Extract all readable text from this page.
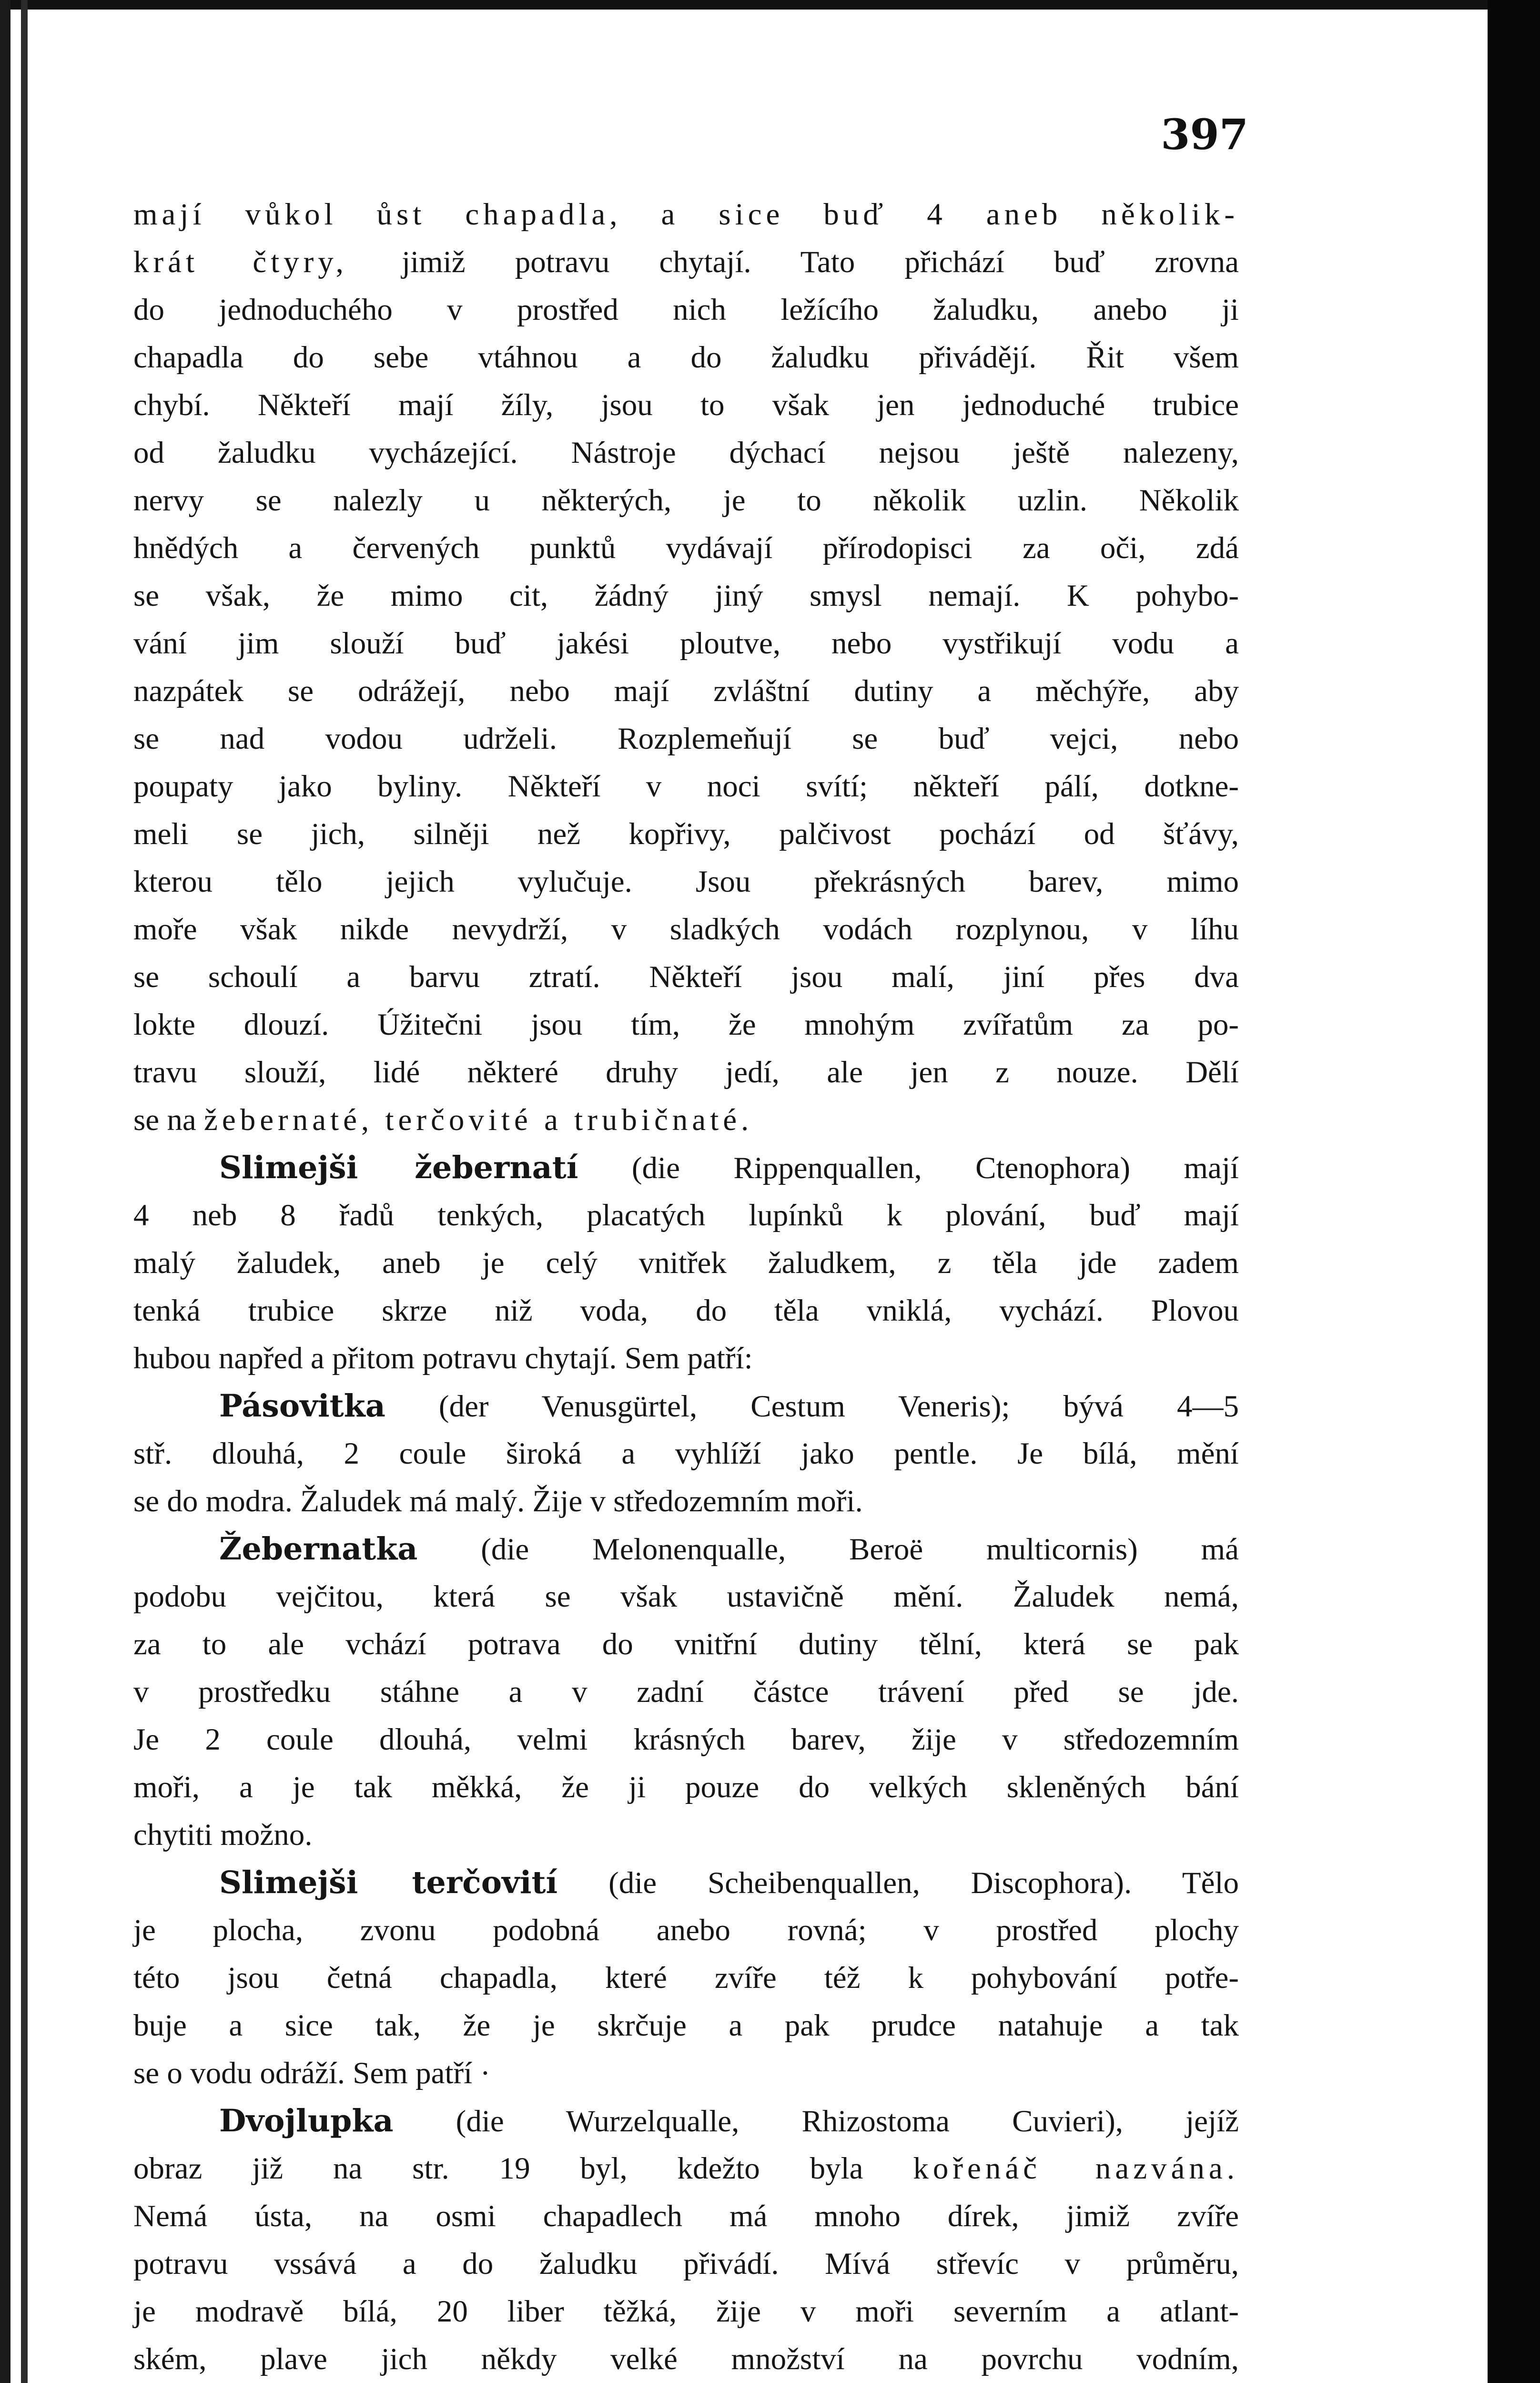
397
mají vůkol ůst chapadla, a sice buď 4 aneb několik-
krát čtyry, jimiž potravu chytají. Tato přichází buď zrovna
do jednoduchého v prostřed nich ležícího žaludku, anebo ji
chapadla do sebe vtáhnou a do žaludku přivádějí. Řit všem
chybí. Někteří mají žíly, jsou to však jen jednoduché trubice
od žaludku vycházející. Nástroje dýchací nejsou ještě nalezeny,
nervy se nalezly u některých, je to několik uzlin. Několik
hnědých a červených punktů vydávají přírodopisci za oči, zdá
se však, že mimo cit, žádný jiný smysl nemají. K pohybo-
vání jim slouží buď jakési ploutve, nebo vystřikují vodu a
nazpátek se odrážejí, nebo mají zvláštní dutiny a měchýře, aby
se nad vodou udrželi. Rozplemeňují se buď vejci, nebo
poupaty jako byliny. Někteří v noci svítí; někteří pálí, dotkne-
meli se jich, silněji než kopřivy, palčivost pochází od šťávy,
kterou tělo jejich vylučuje. Jsou překrásných barev, mimo
moře však nikde nevydrží, v sladkých vodách rozplynou, v líhu
se schoulí a barvu ztratí. Někteří jsou malí, jiní přes dva
lokte dlouzí. Úžitečni jsou tím, že mnohým zvířatům za po-
travu slouží, lidé některé druhy jedí, ale jen z nouze. Dělí
se na žebernaté, terčovité a trubičnaté.
Slimejši žebernatí (die Rippenquallen, Ctenophora) mají
4 neb 8 řadů tenkých, placatých lupínků k plování, buď mají
malý žaludek, aneb je celý vnitřek žaludkem, z těla jde zadem
tenká trubice skrze niž voda, do těla vniklá, vychází. Plovou
hubou napřed a přitom potravu chytají. Sem patří:
Pásovitka (der Venusgürtel, Cestum Veneris); bývá 4—5
stř. dlouhá, 2 coule široká a vyhlíží jako pentle. Je bílá, mění
se do modra. Žaludek má malý. Žije v středozemním moři.
Žebernatka (die Melonenqualle, Beroë multicornis) má
podobu vejčitou, která se však ustavičně mění. Žaludek nemá,
za to ale vchází potrava do vnitřní dutiny tělní, která se pak
v prostředku stáhne a v zadní částce trávení před se jde.
Je 2 coule dlouhá, velmi krásných barev, žije v středozemním
moři, a je tak měkká, že ji pouze do velkých skleněných bání
chytiti možno.
Slimejši terčovití (die Scheibenquallen, Discophora). Tělo
je plocha, zvonu podobná anebo rovná; v prostřed plochy
této jsou četná chapadla, které zvíře též k pohybování potře-
buje a sice tak, že je skrčuje a pak prudce natahuje a tak
se o vodu odráží. Sem patří ·
Dvojlupka (die Wurzelqualle, Rhizostoma Cuvieri), jejíž
obraz již na str. 19 byl, kdežto byla kořenáč nazvána.
Nemá ústa, na osmi chapadlech má mnoho dírek, jimiž zvíře
potravu vssává a do žaludku přivádí. Mívá střevíc v průměru,
je modravě bílá, 20 liber těžká, žije v moři severním a atlant-
ském, plave jich někdy velké množství na povrchu vodním,
